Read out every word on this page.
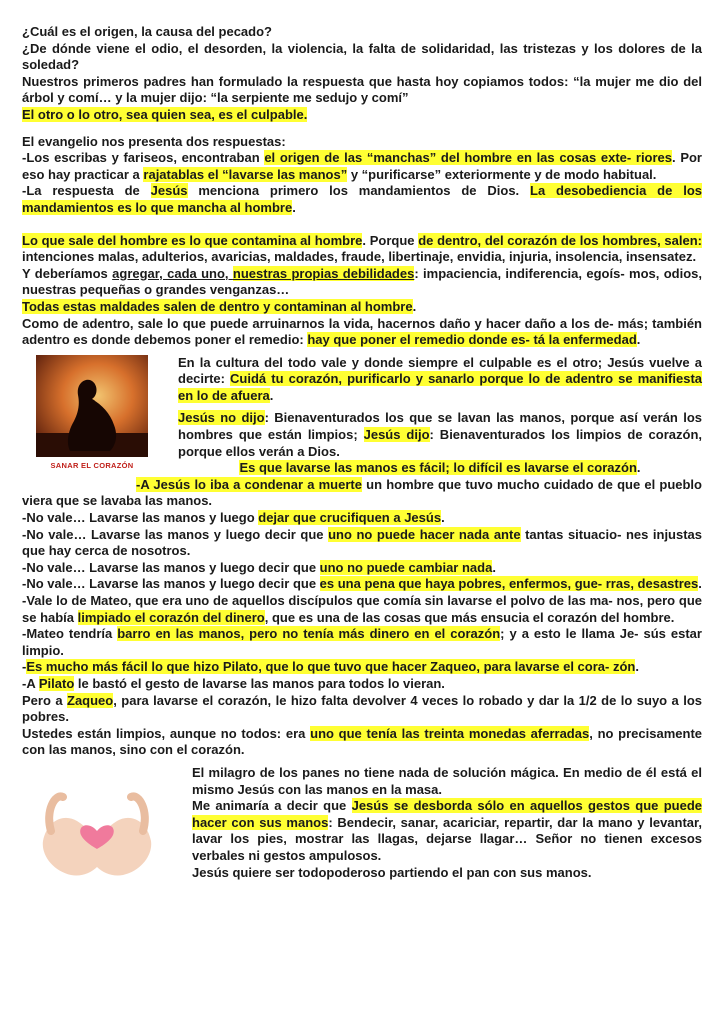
¿Cuál es el origen, la causa del pecado?

¿De dónde viene el odio, el desorden, la violencia, la falta de solidaridad, las tristezas y los dolores de la soledad?

Nuestros primeros padres han formulado la respuesta que hasta hoy copiamos todos: “la mujer me dio del árbol y comí… y la mujer dijo: “la serpiente me sedujo y comí”

El otro o lo otro, sea quien sea, es el culpable.

El evangelio nos presenta dos respuestas:

-Los escribas y fariseos, encontraban el origen de las “manchas” del hombre en las cosas exte- riores. Por eso hay practicar a rajatablas el “lavarse las manos” y “purificarse” exteriormente y de modo habitual.

-La respuesta de Jesús menciona primero los mandamientos de Dios. La desobediencia de los mandamientos es lo que mancha al hombre.

Lo que sale del hombre es lo que contamina al hombre. Porque de dentro, del corazón de los hombres, salen: intenciones malas, adulterios, avaricias, maldades, fraude, libertinaje, envidia, injuria, insolencia, insensatez.

Y deberíamos agregar, cada uno, nuestras propias debilidades: impaciencia, indiferencia, egoís- mos, odios, nuestras pequeñas o grandes venganzas…

Todas estas maldades salen de dentro y contaminan al hombre.

Como de adentro, sale lo que puede arruinarnos la vida, hacernos daño y hacer daño a los de- más; también adentro es donde debemos poner el remedio: hay que poner el remedio donde es- tá la enfermedad.

SANAR EL CORAZÓN

En la cultura del todo vale y donde siempre el culpable es el otro; Jesús vuelve a decirte: Cuidá tu corazón, purificarlo y sanarlo porque lo de adentro se manifiesta en lo de afuera.

Jesús no dijo: Bienaventurados los que se lavan las manos, porque así verán los hombres que están limpios; Jesús dijo: Bienaventurados los limpios de corazón, porque ellos verán a Dios.

Es que lavarse las manos es fácil; lo difícil es lavarse el corazón.

-A Jesús lo iba a condenar a muerte un hombre que tuvo mucho cuidado de que el pueblo viera que se lavaba las manos.

-No vale… Lavarse las manos y luego dejar que crucifiquen a Jesús.

-No vale… Lavarse las manos y luego decir que uno no puede hacer nada ante tantas situacio- nes injustas que hay cerca de nosotros.

-No vale… Lavarse las manos y luego decir que uno no puede cambiar nada.

-No vale… Lavarse las manos y luego decir que es una pena que haya pobres, enfermos, gue- rras, desastres.

-Vale lo de Mateo, que era uno de aquellos discípulos que comía sin lavarse el polvo de las ma- nos, pero que se había limpiado el corazón del dinero, que es una de las cosas que más ensucia el corazón del hombre.

-Mateo tendría barro en las manos, pero no tenía más dinero en el corazón; y a esto le llama Je- sús estar limpio.

-Es mucho más fácil lo que hizo Pilato, que lo que tuvo que hacer Zaqueo, para lavarse el cora- zón.

-A Pilato le bastó el gesto de lavarse las manos para todos lo vieran.

Pero a Zaqueo, para lavarse el corazón, le hizo falta devolver 4 veces lo robado y dar la 1/2 de lo suyo a los pobres.

Ustedes están limpios, aunque no todos: era uno que tenía las treinta monedas aferradas, no precisamente con las manos, sino con el corazón.

El milagro de los panes no tiene nada de solución mágica. En medio de él está el mismo Jesús con las manos en la masa.

Me animaría a decir que Jesús se desborda sólo en aquellos gestos que puede hacer con sus manos: Bendecir, sanar, acariciar, repartir, dar la mano y levantar, lavar los pies, mostrar las llagas, dejarse llagar… Señor no tienen excesos verbales ni gestos ampulosos.

Jesús quiere ser todopoderoso partiendo el pan con sus manos.
